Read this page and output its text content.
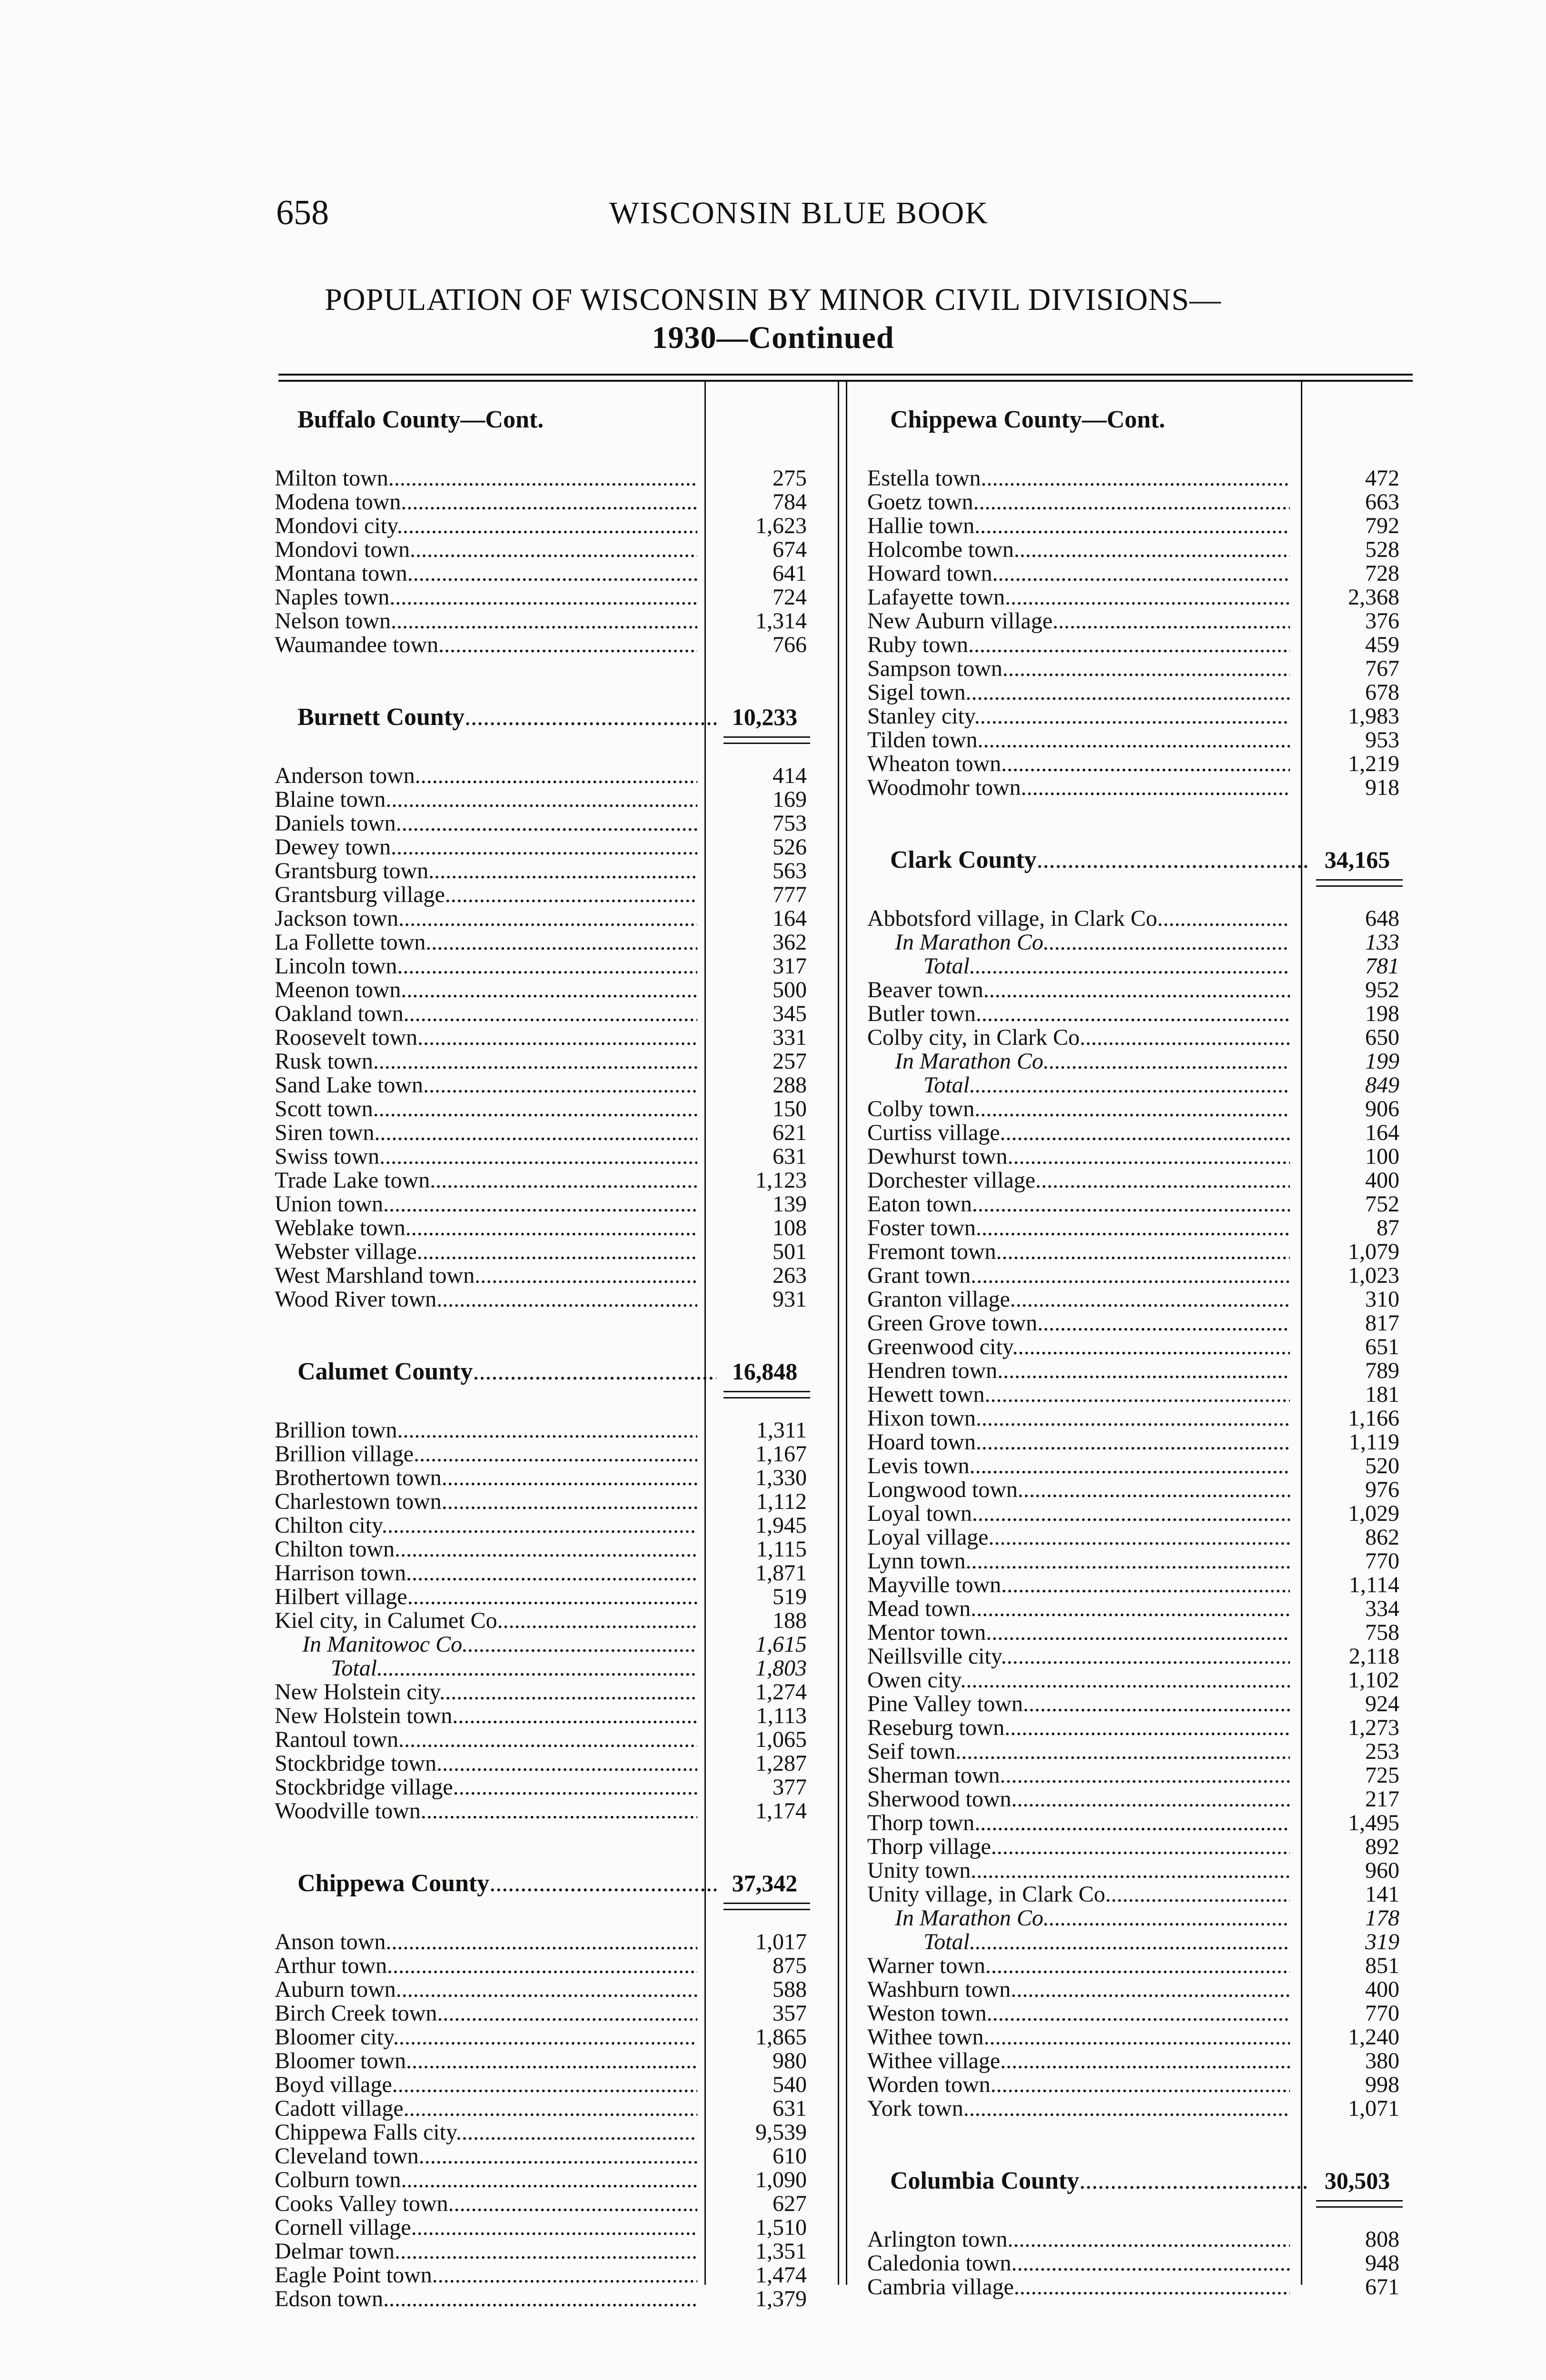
658	WISCONSIN BLUE BOOK
POPULATION OF WISCONSIN BY MINOR CIVIL DIVISIONS—
1930—Continued
Buffalo County—Cont.
Milton town .....	275
Modena town .....	784
Mondovi city .....	1,623
Mondovi town .....	674
Montana town .....	641
Naples town .....	724
Nelson town .....	1,314
Waumandee town .....	766
Burnett County .....	10,233
Anderson town .....	414
Blaine town .....	169
Daniels town .....	753
Dewey town .....	526
Grantsburg town .....	563
Grantsburg village .....	777
Jackson town .....	164
La Follette town .....	362
Lincoln town .....	317
Meenon town .....	500
Oakland town .....	345
Roosevelt town .....	331
Rusk town .....	257
Sand Lake town .....	288
Scott town .....	150
Siren town .....	621
Swiss town .....	631
Trade Lake town .....	1,123
Union town .....	139
Weblake town .....	108
Webster village .....	501
West Marshland town .....	263
Wood River town .....	931
Calumet County .....	16,848
Brillion town .....	1,311
Brillion village .....	1,167
Brothertown town .....	1,330
Charlestown town .....	1,112
Chilton city .....	1,945
Chilton town .....	1,115
Harrison town .....	1,871
Hilbert village .....	519
Kiel city, in Calumet Co. .....	188
In Manitowoc Co. .....	1,615
Total .....	1,803
New Holstein city .....	1,274
New Holstein town .....	1,113
Rantoul town .....	1,065
Stockbridge town .....	1,287
Stockbridge village .....	377
Woodville town .....	1,174
Chippewa County .....	37,342
Anson town .....	1,017
Arthur town .....	875
Auburn town .....	588
Birch Creek town .....	357
Bloomer city .....	1,865
Bloomer town .....	980
Boyd village .....	540
Cadott village .....	631
Chippewa Falls city .....	9,539
Cleveland town .....	610
Colburn town .....	1,090
Cooks Valley town .....	627
Cornell village .....	1,510
Delmar town .....	1,351
Eagle Point town .....	1,474
Edson town .....	1,379
Chippewa County—Cont.
Estella town .....	472
Goetz town .....	663
Hallie town .....	792
Holcombe town .....	528
Howard town .....	728
Lafayette town .....	2,368
New Auburn village .....	376
Ruby town .....	459
Sampson town .....	767
Sigel town .....	678
Stanley city .....	1,983
Tilden town .....	953
Wheaton town .....	1,219
Woodmohr town .....	918
Clark County .....	34,165
Abbotsford village, in Clark Co. .....	648
In Marathon Co. .....	133
Total .....	781
Beaver town .....	952
Butler town .....	198
Colby city, in Clark Co. .....	650
In Marathon Co. .....	199
Total .....	849
Colby town .....	906
Curtiss village .....	164
Dewhurst town .....	100
Dorchester village .....	400
Eaton town .....	752
Foster town .....	87
Fremont town .....	1,079
Grant town .....	1,023
Granton village .....	310
Green Grove town .....	817
Greenwood city .....	651
Hendren town .....	789
Hewett town .....	181
Hixon town .....	1,166
Hoard town .....	1,119
Levis town .....	520
Longwood town .....	976
Loyal town .....	1,029
Loyal village .....	862
Lynn town .....	770
Mayville town .....	1,114
Mead town .....	334
Mentor town .....	758
Neillsville city .....	2,118
Owen city .....	1,102
Pine Valley town .....	924
Reseburg town .....	1,273
Seif town .....	253
Sherman town .....	725
Sherwood town .....	217
Thorp town .....	1,495
Thorp village .....	892
Unity town .....	960
Unity village, in Clark Co. .....	141
In Marathon Co. .....	178
Total .....	319
Warner town .....	851
Washburn town .....	400
Weston town .....	770
Withee town .....	1,240
Withee village .....	380
Worden town .....	998
York town .....	1,071
Columbia County .....	30,503
Arlington town .....	808
Caledonia town .....	948
Cambria village .....	671
